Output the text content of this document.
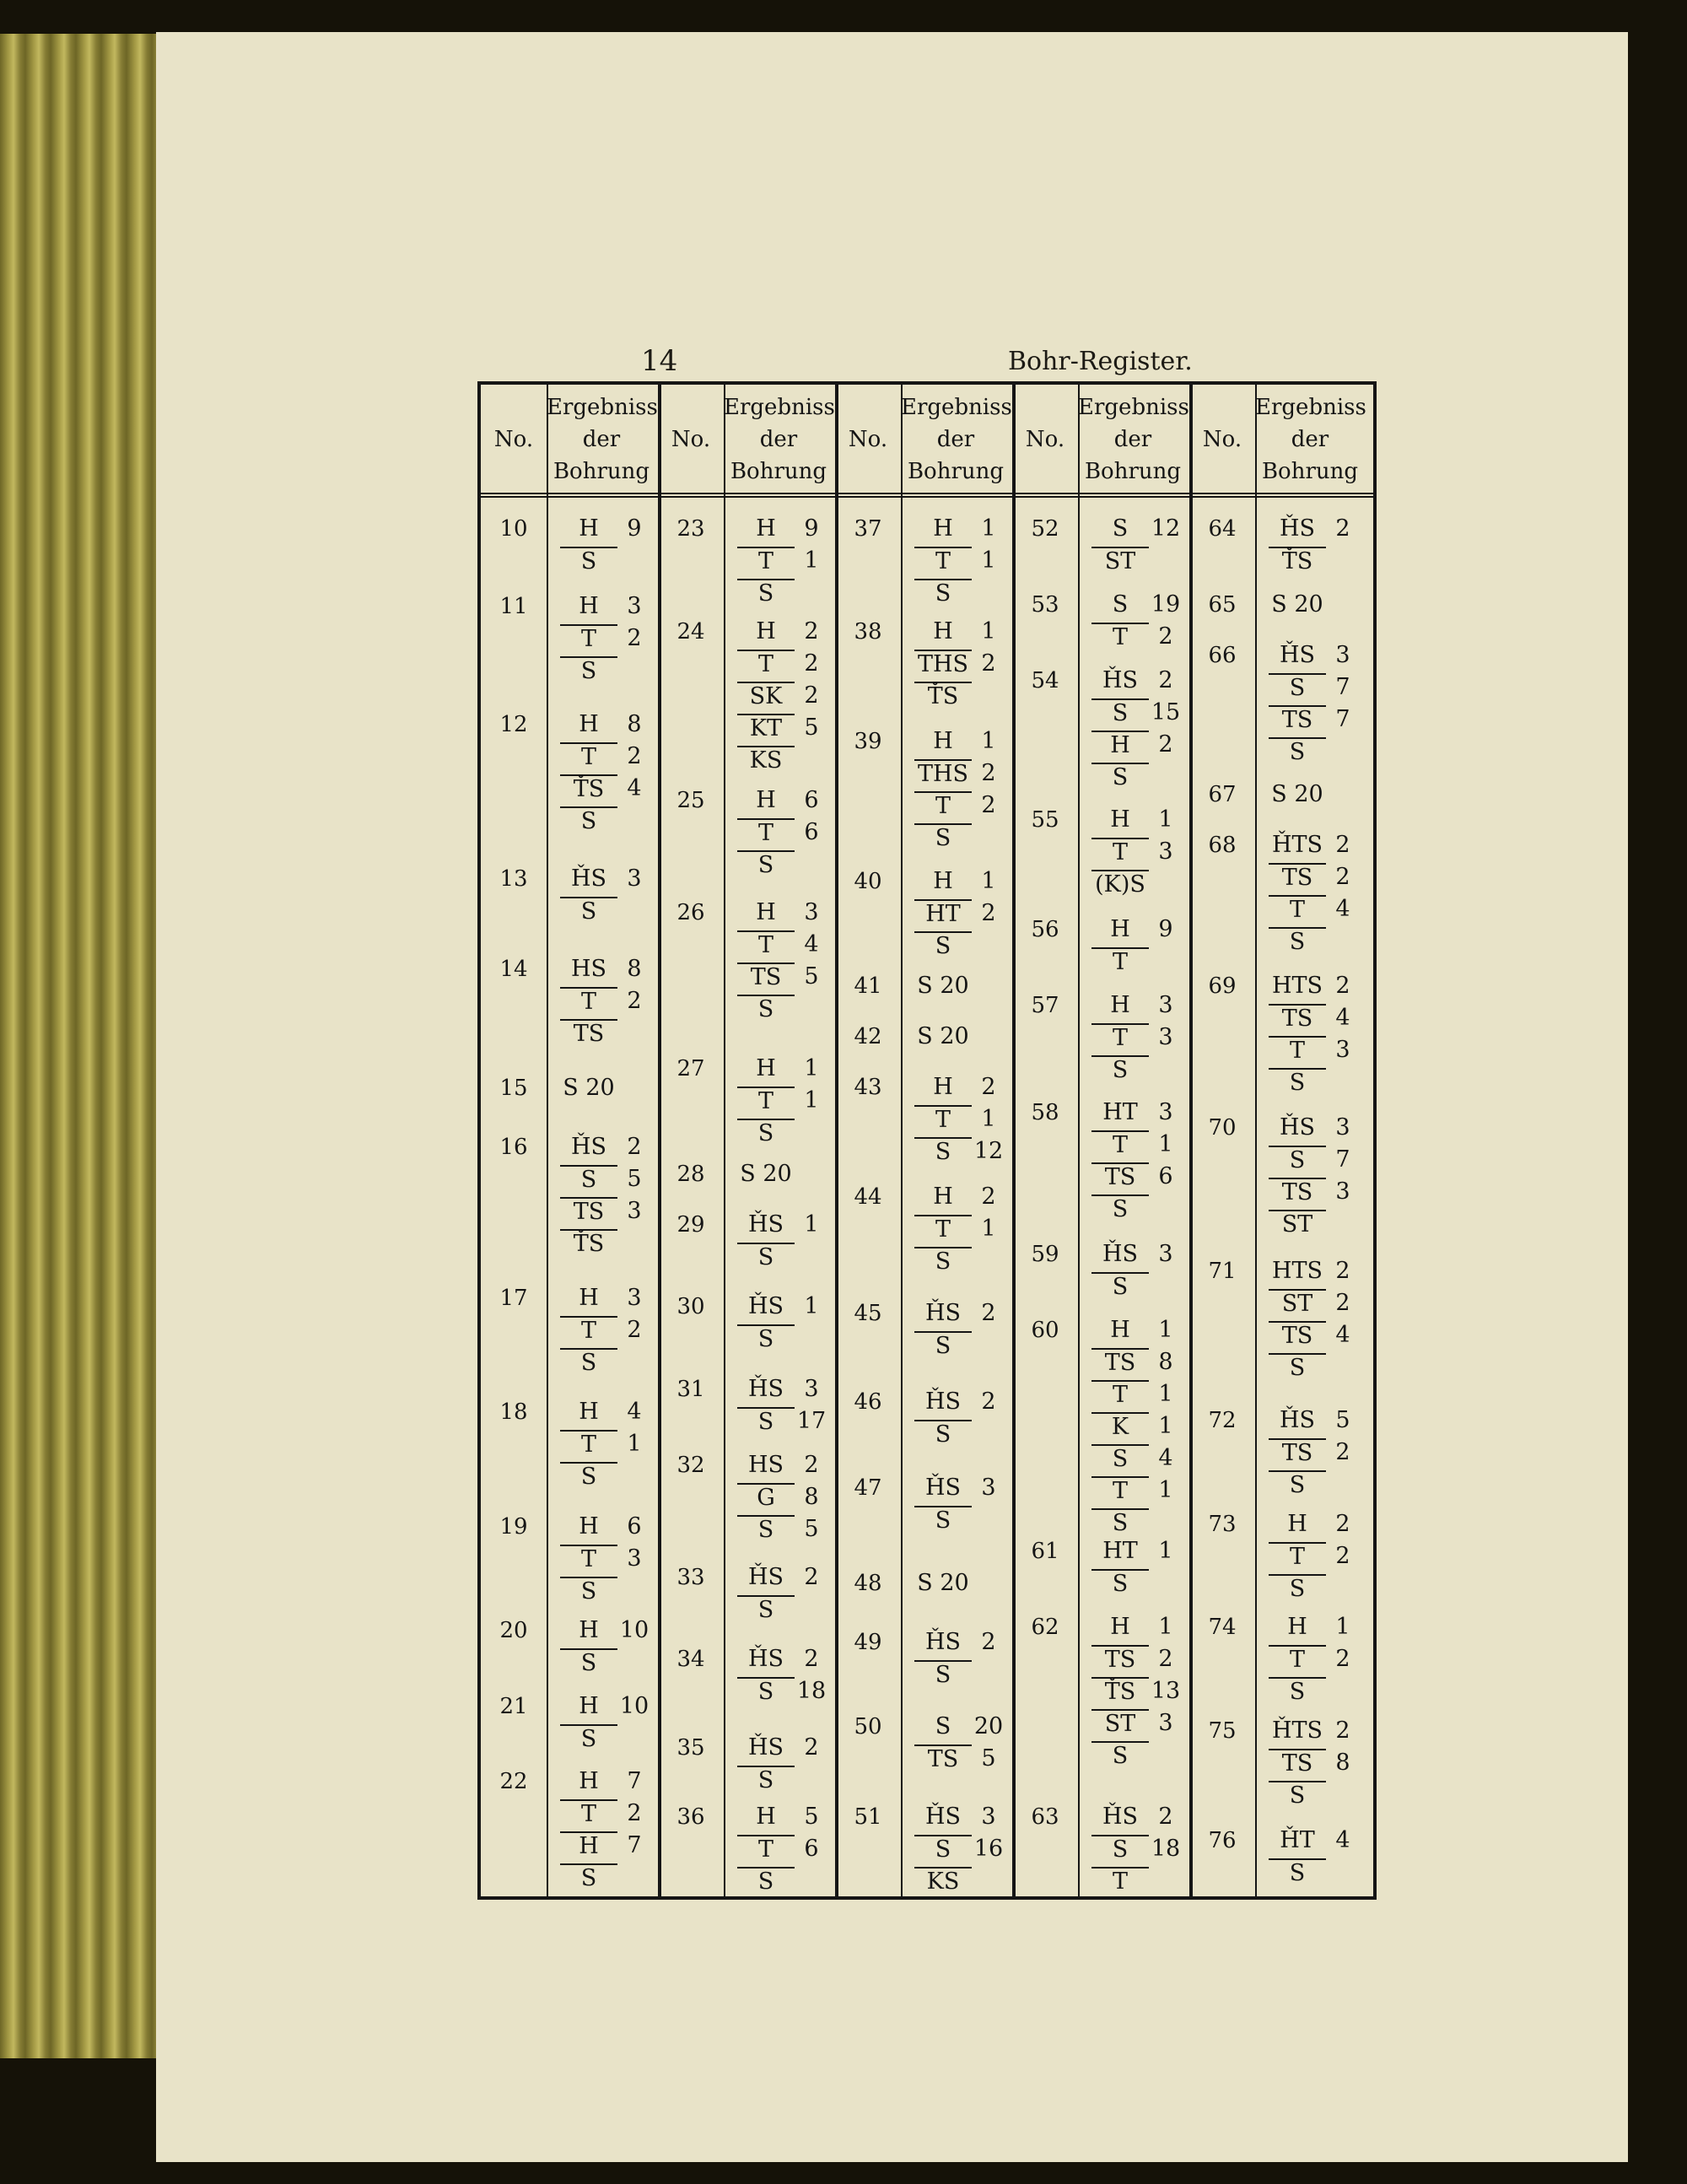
14	Bohr-Register.
No.
Ergebniss
der
Bohrung
No.
Ergebniss
der
Bohrung
No.
Ergebniss
der
Bohrung
No.
Ergebniss
der
Bohrung
No.
Ergebniss
der
Bohrung
10	H	9
S
11	H	3
T	2
S
12	H	8
T	2
ŤS	4
S
13	ȞS 3
S
14	HS 8
T	2
TS
15	S 20
16	ȞS 2
S	5
TS	3
ŤS
17	H	3
T	2
S
18	H	4
T	1
S
19	H	6
T	3
S
20	H 10
S
21	H 10
S
22	H	7
T	2
H	7
S
23	H	9
T	1
S
24	H	2
T	2
SK 2
KT 5
KS
25	H	6
T	6
S
26	H	3
T	4
TS	5
S
27	H	1
T	1
S
28	S 20
29	ȞS 1
S
30	ȞS 1
S
31	ȞS 3
S	17
32	HS 2
G	8
S	5
33	ȞS 2
S
34	ȞS 2
S	18
35	ȞS 2
S
36	H	5
T	6
S
37	H	1
T	1
S
38	H	1
THS 2
ŤS
39	H	1
THS 2
T	2
S
40	H	1
HT 2
S
41	S 20
42	S 20
43	H	2
T	1
S	12
44	H	2
T	1
S
45	ȞS 2
S
46	ȞS 2
S
47	ȞS 3
S
48	S 20
49	ȞS 2
S
50	S	20
TS	5
51	ȞS 3
S	16
KS
52	S	12
ST
53	S	19
T	2
54	ȞS 2
S	15
H	2
S
55	H	1
T	3
(K)S
56	H	9
T
57	H	3
T	3
S
58	HT 3
T	1
TS	6
S
59	ȞS 3
S
60	H	1
TS	8
T	1
K	1
S	4
T	1
S
61	HT 1
S
62	H	1
TS	2
ŤS 13
ST	3
S
63	ȞS 2
S	18
T
64	ȞS 2
ŤS
65	S 20
66	ȞS 3
S	7
TS	7
S
67	S 20
68	ȞTS 2
TS	2
T	4
S
69	HTS 2
TS	4
T	3
S
70	ȞS 3
S	7
TS	3
ST
71	HTS 2
ST	2
TS	4
S
72	ȞS 5
TS	2
S
73	H	2
T	2
S
74	H	1
T	2
S
75	ȞTS 2
TS	8
S
76	ȞT 4
S
